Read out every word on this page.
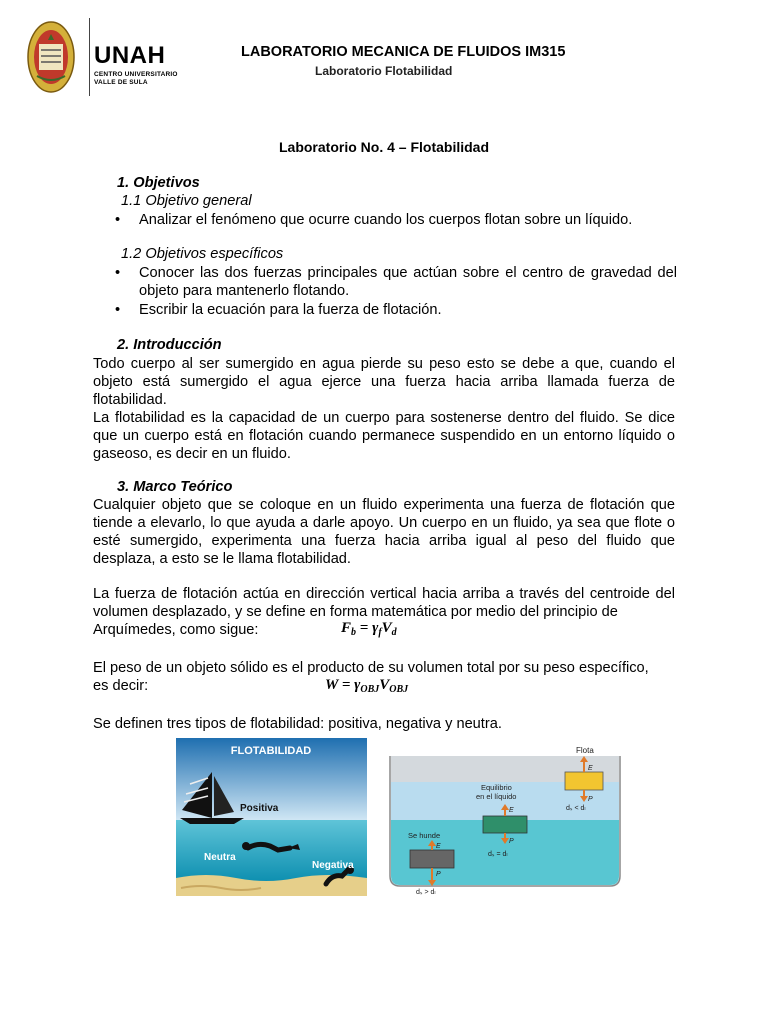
UNAH
CENTRO UNIVERSITARIO
VALLE DE SULA
LABORATORIO MECANICA DE FLUIDOS IM315
Laboratorio Flotabilidad
Laboratorio No. 4 – Flotabilidad
1. Objetivos
1.1 Objetivo general
• Analizar el fenómeno que ocurre cuando los cuerpos flotan sobre un líquido.
1.2 Objetivos específicos
• Conocer las dos fuerzas principales que actúan sobre el centro de gravedad del objeto para mantenerlo flotando.
• Escribir la ecuación para la fuerza de flotación.
2. Introducción

Todo cuerpo al ser sumergido en agua pierde su peso esto se debe a que, cuando el objeto está sumergido el agua ejerce una fuerza hacia arriba llamada fuerza de flotabilidad.

La flotabilidad es la capacidad de un cuerpo para sostenerse dentro del fluido. Se dice que un cuerpo está en flotación cuando permanece suspendido en un entorno líquido o gaseoso, es decir en un fluido.

3. Marco Teórico
Cualquier objeto que se coloque en un fluido experimenta una fuerza de flotación que tiende a elevarlo, lo que ayuda a darle apoyo. Un cuerpo en un fluido, ya sea que flote o esté sumergido, experimenta una fuerza hacia arriba igual al peso del fluido que desplaza, a esto se le llama flotabilidad.
La fuerza de flotación actúa en dirección vertical hacia arriba a través del centroide del volumen desplazado, y se define en forma matemática por medio del principio de
Arquímedes, como sigue:	$F_b = \gamma_fV_d$
El peso de un objeto sólido es el producto de su volumen total por su peso específico,
es decir:	$W = \gamma_{OBJ}V_{OBJ}$
Se definen tres tipos de flotabilidad: positiva, negativa y neutra.
FLOTABILIDAD
Positiva
Neutra
Negativa
Flota
E
P
dₛ < dₗ
Equilibrio
en el líquido
E
P
dₛ = dₗ
Se hunde
E
P
dₛ > dₗ
